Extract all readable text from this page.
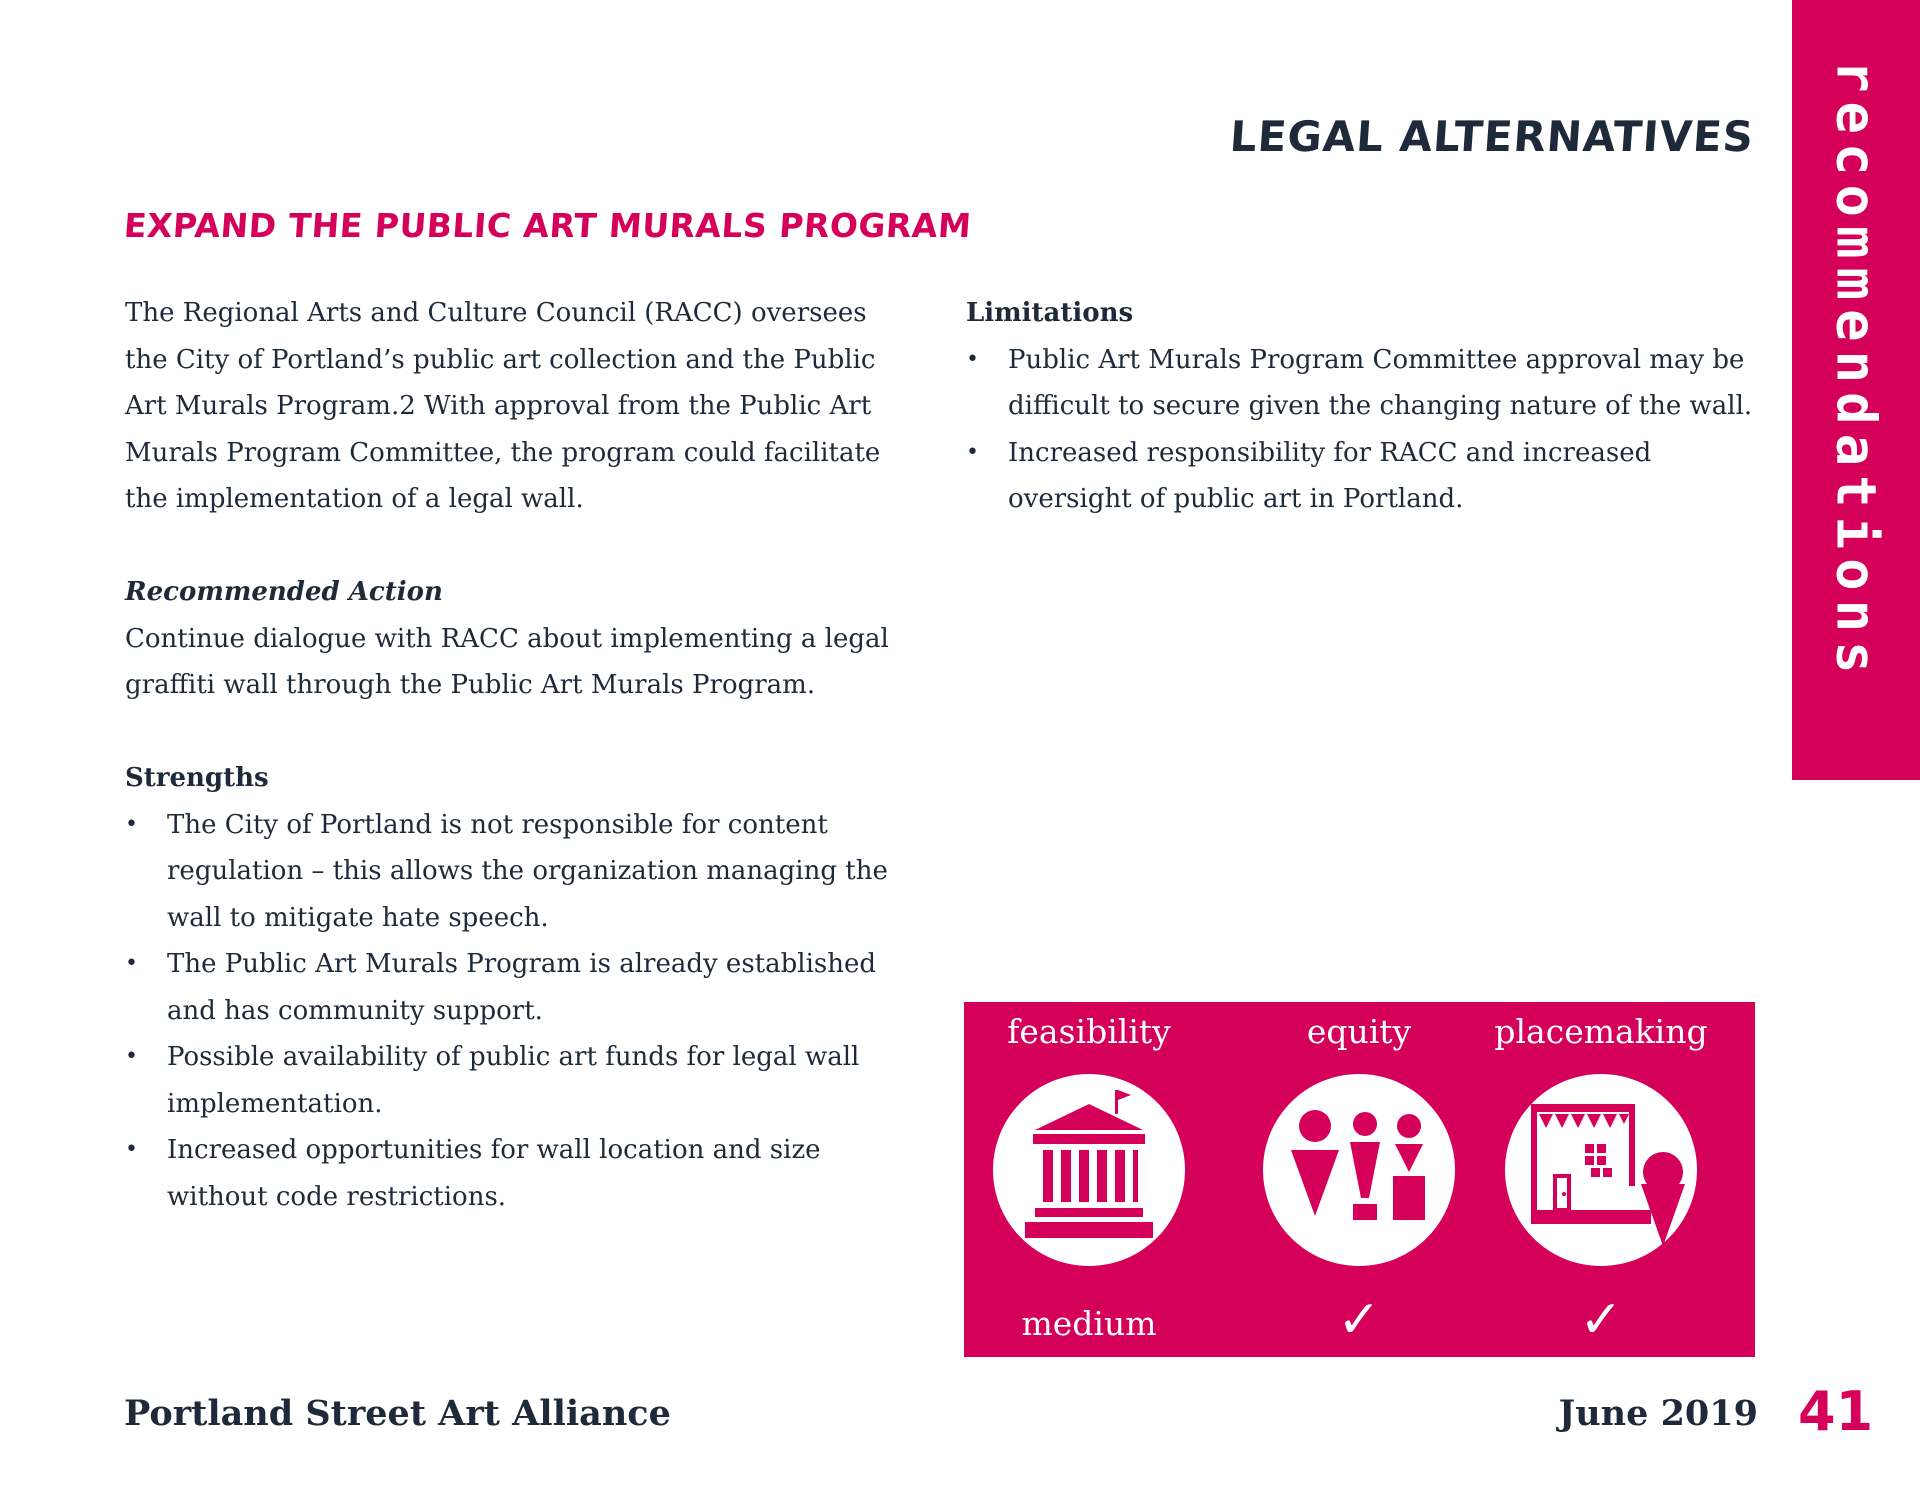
LEGAL ALTERNATIVES recommendations
EXPAND THE PUBLIC ART MURALS PROGRAM

The Regional Arts and Culture Council (RACC) oversees the City of Portland’s public art collection and the Public Art Murals Program.2 With approval from the Public Art Murals Program Committee, the program could facilitate the implementation of a legal wall.

Recommended Action

Continue dialogue with RACC about implementing a legal graffiti wall through the Public Art Murals Program.

Strengths
• The City of Portland is not responsible for content regulation – this allows the organization managing the wall to mitigate hate speech.
• The Public Art Murals Program is already established and has community support.
• Possible availability of public art funds for legal wall implementation.
• Increased opportunities for wall location and size without code restrictions.
Limitations
• Public Art Murals Program Committee approval may be difficult to secure given the changing nature of the wall.
• Increased responsibility for RACC and increased oversight of public art in Portland.
feasibility
medium
equity
✓
placemaking
✓
Portland Street Art Alliance	June 2019 41
